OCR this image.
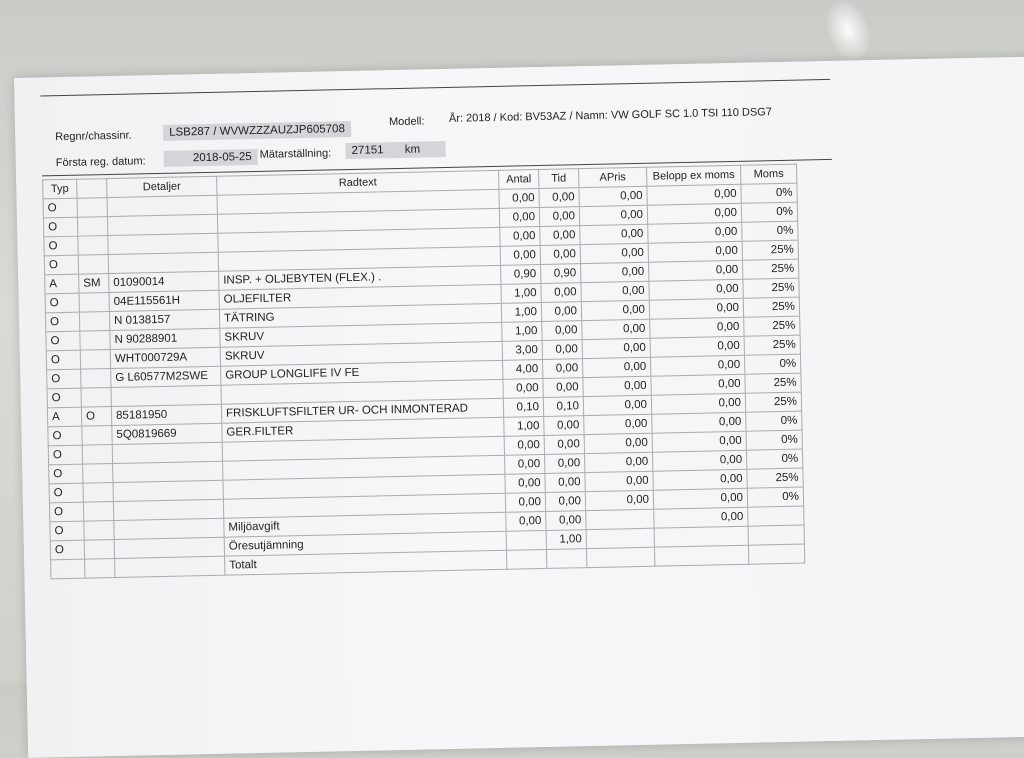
Regnr/chassinr.	LSB287 / WVWZZZAUZJP605708
Modell: År: 2018 / Kod: BV53AZ / Namn: VW GOLF SC 1.0 TSI 110 DSG7
Första reg. datum:	2018-05-25 Mätarställning:	27151 km
Typ		Detaljer	Radtext	Antal	Tid	APris	Belopp ex moms	Moms
O				0,00	0,00	0,00	0,00	0%
O				0,00	0,00	0,00	0,00	0%
O				0,00	0,00	0,00	0,00	0%
O				0,00	0,00	0,00	0,00	25%
A	SM	01090014	INSP. + OLJEBYTEN (FLEX.) .	0,90	0,90	0,00	0,00	25%
O		04E115561H	OLJEFILTER	1,00	0,00	0,00	0,00	25%
O		N 0138157	TÄTRING	1,00	0,00	0,00	0,00	25%
O		N 90288901	SKRUV	1,00	0,00	0,00	0,00	25%
O		WHT000729A	SKRUV	3,00	0,00	0,00	0,00	25%
O		G L60577M2SWE	GROUP LONGLIFE IV FE	4,00	0,00	0,00	0,00	0%
O				0,00	0,00	0,00	0,00	25%
A	O	85181950	FRISKLUFTSFILTER UR- OCH INMONTERAD	0,10	0,10	0,00	0,00	25%
O		5Q0819669	GER.FILTER	1,00	0,00	0,00	0,00	0%
O				0,00	0,00	0,00	0,00	0%
O				0,00	0,00	0,00	0,00	0%
O				0,00	0,00	0,00	0,00	25%
O				0,00	0,00	0,00	0,00	0%
O			Miljöavgift	0,00	0,00		0,00	
O			Öresutjämning		1,00			
			Totalt					
